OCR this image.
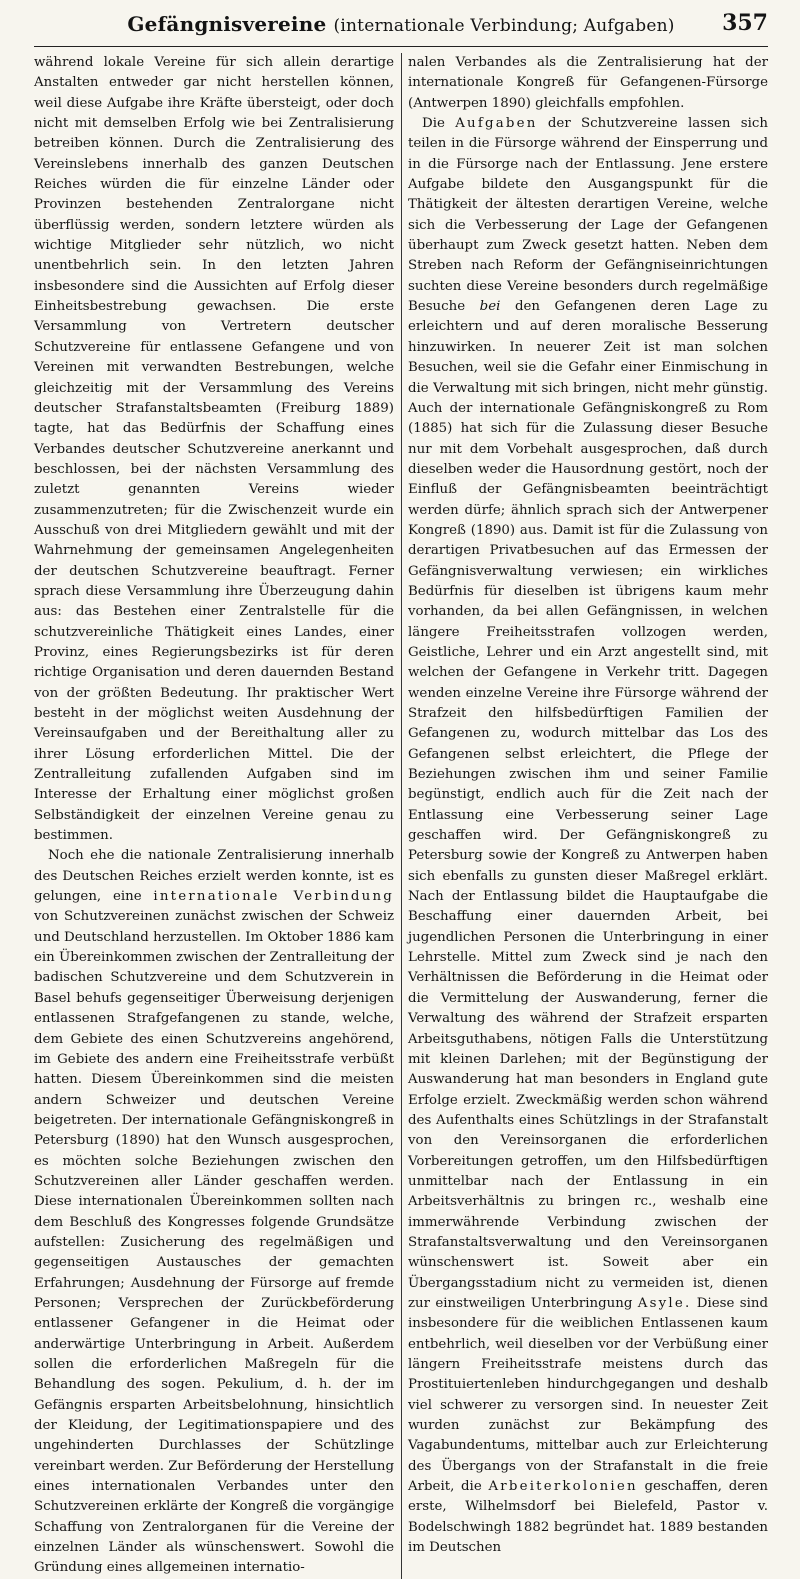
Gefängnisvereine (internationale Verbindung; Aufgaben)	357

während lokale Vereine für sich allein derartige Anstalten entweder gar nicht herstellen können, weil diese Aufgabe ihre Kräfte übersteigt, oder doch nicht mit demselben Erfolg wie bei Zentralisierung betreiben können. Durch die Zentralisierung des Vereinslebens innerhalb des ganzen Deutschen Reiches würden die für einzelne Länder oder Provinzen bestehenden Zentralorgane nicht überflüssig werden, sondern letztere würden als wichtige Mitglieder sehr nützlich, wo nicht unentbehrlich sein. In den letzten Jahren insbesondere sind die Aussichten auf Erfolg dieser Einheitsbestrebung gewachsen. Die erste Versammlung von Vertretern deutscher Schutzvereine für entlassene Gefangene und von Vereinen mit verwandten Bestrebungen, welche gleichzeitig mit der Versammlung des Vereins deutscher Strafanstaltsbeamten (Freiburg 1889) tagte, hat das Bedürfnis der Schaffung eines Verbandes deutscher Schutzvereine anerkannt und beschlossen, bei der nächsten Versammlung des zuletzt genannten Vereins wieder zusammenzutreten; für die Zwischenzeit wurde ein Ausschuß von drei Mitgliedern gewählt und mit der Wahrnehmung der gemeinsamen Angelegenheiten der deutschen Schutzvereine beauftragt. Ferner sprach diese Versammlung ihre Überzeugung dahin aus: das Bestehen einer Zentralstelle für die schutzvereinliche Thätigkeit eines Landes, einer Provinz, eines Regierungsbezirks ist für deren richtige Organisation und deren dauernden Bestand von der größten Bedeutung. Ihr praktischer Wert besteht in der möglichst weiten Ausdehnung der Vereinsaufgaben und der Bereithaltung aller zu ihrer Lösung erforderlichen Mittel. Die der Zentralleitung zufallenden Aufgaben sind im Interesse der Erhaltung einer möglichst großen Selbständigkeit der einzelnen Vereine genau zu bestimmen.

Noch ehe die nationale Zentralisierung innerhalb des Deutschen Reiches erzielt werden konnte, ist es gelungen, eine internationale Verbindung von Schutzvereinen zunächst zwischen der Schweiz und Deutschland herzustellen. Im Oktober 1886 kam ein Übereinkommen zwischen der Zentralleitung der badischen Schutzvereine und dem Schutzverein in Basel behufs gegenseitiger Überweisung derjenigen entlassenen Strafgefangenen zu stande, welche, dem Gebiete des einen Schutzvereins angehörend, im Gebiete des andern eine Freiheitsstrafe verbüßt hatten. Diesem Übereinkommen sind die meisten andern Schweizer und deutschen Vereine beigetreten. Der internationale Gefängniskongreß in Petersburg (1890) hat den Wunsch ausgesprochen, es möchten solche Beziehungen zwischen den Schutzvereinen aller Länder geschaffen werden. Diese internationalen Übereinkommen sollten nach dem Beschluß des Kongresses folgende Grundsätze aufstellen: Zusicherung des regelmäßigen und gegenseitigen Austausches der gemachten Erfahrungen; Ausdehnung der Fürsorge auf fremde Personen; Versprechen der Zurückbeförderung entlassener Gefangener in die Heimat oder anderwärtige Unterbringung in Arbeit. Außerdem sollen die erforderlichen Maßregeln für die Behandlung des sogen. Pekulium, d. h. der im Gefängnis ersparten Arbeitsbelohnung, hinsichtlich der Kleidung, der Legitimationspapiere und des ungehinderten Durchlasses der Schützlinge vereinbart werden. Zur Beförderung der Herstellung eines internationalen Verbandes unter den Schutzvereinen erklärte der Kongreß die vorgängige Schaffung von Zentralorganen für die Vereine der einzelnen Länder als wünschenswert. Sowohl die Gründung eines allgemeinen internatio-

nalen Verbandes als die Zentralisierung hat der internationale Kongreß für Gefangenen-Fürsorge (Antwerpen 1890) gleichfalls empfohlen.

Die Aufgaben der Schutzvereine lassen sich teilen in die Fürsorge während der Einsperrung und in die Fürsorge nach der Entlassung. Jene erstere Aufgabe bildete den Ausgangspunkt für die Thätigkeit der ältesten derartigen Vereine, welche sich die Verbesserung der Lage der Gefangenen überhaupt zum Zweck gesetzt hatten. Neben dem Streben nach Reform der Gefängniseinrichtungen suchten diese Vereine besonders durch regelmäßige Besuche bei den Gefangenen deren Lage zu erleichtern und auf deren moralische Besserung hinzuwirken. In neuerer Zeit ist man solchen Besuchen, weil sie die Gefahr einer Einmischung in die Verwaltung mit sich bringen, nicht mehr günstig. Auch der internationale Gefängniskongreß zu Rom (1885) hat sich für die Zulassung dieser Besuche nur mit dem Vorbehalt ausgesprochen, daß durch dieselben weder die Hausordnung gestört, noch der Einfluß der Gefängnisbeamten beeinträchtigt werden dürfe; ähnlich sprach sich der Antwerpener Kongreß (1890) aus. Damit ist für die Zulassung von derartigen Privatbesuchen auf das Ermessen der Gefängnisverwaltung verwiesen; ein wirkliches Bedürfnis für dieselben ist übrigens kaum mehr vorhanden, da bei allen Gefängnissen, in welchen längere Freiheitsstrafen vollzogen werden, Geistliche, Lehrer und ein Arzt angestellt sind, mit welchen der Gefangene in Verkehr tritt. Dagegen wenden einzelne Vereine ihre Fürsorge während der Strafzeit den hilfsbedürftigen Familien der Gefangenen zu, wodurch mittelbar das Los des Gefangenen selbst erleichtert, die Pflege der Beziehungen zwischen ihm und seiner Familie begünstigt, endlich auch für die Zeit nach der Entlassung eine Verbesserung seiner Lage geschaffen wird. Der Gefängniskongreß zu Petersburg sowie der Kongreß zu Antwerpen haben sich ebenfalls zu gunsten dieser Maßregel erklärt. Nach der Entlassung bildet die Hauptaufgabe die Beschaffung einer dauernden Arbeit, bei jugendlichen Personen die Unterbringung in einer Lehrstelle. Mittel zum Zweck sind je nach den Verhältnissen die Beförderung in die Heimat oder die Vermittelung der Auswanderung, ferner die Verwaltung des während der Strafzeit ersparten Arbeitsguthabens, nötigen Falls die Unterstützung mit kleinen Darlehen; mit der Begünstigung der Auswanderung hat man besonders in England gute Erfolge erzielt. Zweckmäßig werden schon während des Aufenthalts eines Schützlings in der Strafanstalt von den Vereinsorganen die erforderlichen Vorbereitungen getroffen, um den Hilfsbedürftigen unmittelbar nach der Entlassung in ein Arbeitsverhältnis zu bringen rc., weshalb eine immerwährende Verbindung zwischen der Strafanstaltsverwaltung und den Vereinsorganen wünschenswert ist. Soweit aber ein Übergangsstadium nicht zu vermeiden ist, dienen zur einstweiligen Unterbringung Asyle. Diese sind insbesondere für die weiblichen Entlassenen kaum entbehrlich, weil dieselben vor der Verbüßung einer längern Freiheitsstrafe meistens durch das Prostituiertenleben hindurchgegangen und deshalb viel schwerer zu versorgen sind. In neuester Zeit wurden zunächst zur Bekämpfung des Vagabundentums, mittelbar auch zur Erleichterung des Übergangs von der Strafanstalt in die freie Arbeit, die Arbeiterkolonien geschaffen, deren erste, Wilhelmsdorf bei Bielefeld, Pastor v. Bodelschwingh 1882 begründet hat. 1889 bestanden im Deutschen
